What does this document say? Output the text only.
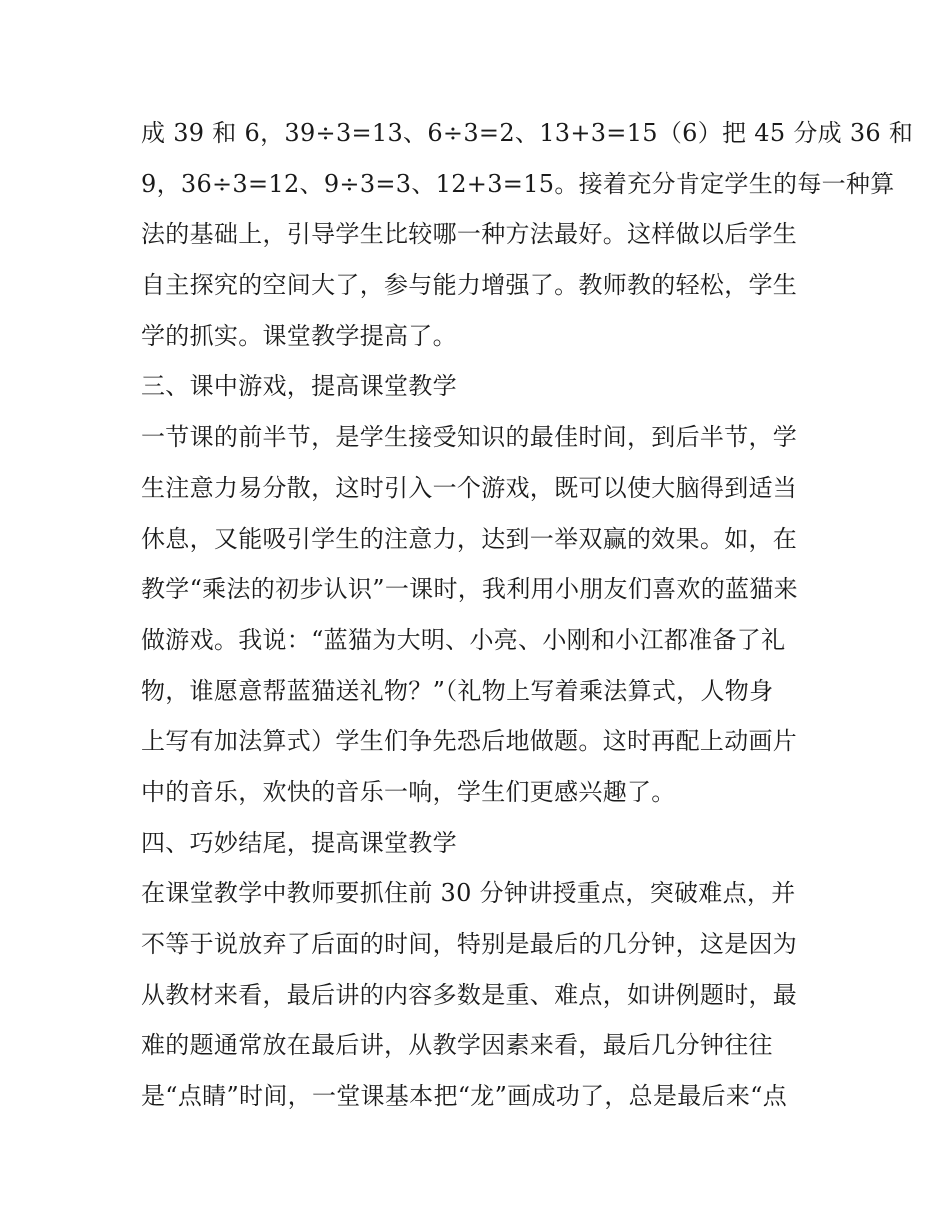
成 39 和 6，39÷3=13、6÷3=2、13+3=15（6）把 45 分成 36 和
9，36÷3=12、9÷3=3、12+3=15。接着充分肯定学生的每一种算
法的基础上，引导学生比较哪一种方法最好。这样做以后学生
自主探究的空间大了，参与能力增强了。教师教的轻松，学生
学的抓实。课堂教学提高了。
三、课中游戏，提高课堂教学
一节课的前半节，是学生接受知识的最佳时间，到后半节，学
生注意力易分散，这时引入一个游戏，既可以使大脑得到适当
休息，又能吸引学生的注意力，达到一举双赢的效果。如，在
教学“乘法的初步认识”一课时，我利用小朋友们喜欢的蓝猫来
做游戏。我说：“蓝猫为大明、小亮、小刚和小江都准备了礼
物，谁愿意帮蓝猫送礼物？”（礼物上写着乘法算式，人物身
上写有加法算式）学生们争先恐后地做题。这时再配上动画片
中的音乐，欢快的音乐一响，学生们更感兴趣了。
四、巧妙结尾，提高课堂教学
在课堂教学中教师要抓住前 30 分钟讲授重点，突破难点，并
不等于说放弃了后面的时间，特别是最后的几分钟，这是因为
从教材来看，最后讲的内容多数是重、难点，如讲例题时，最
难的题通常放在最后讲，从教学因素来看，最后几分钟往往
是“点睛”时间，一堂课基本把“龙”画成功了，总是最后来“点
